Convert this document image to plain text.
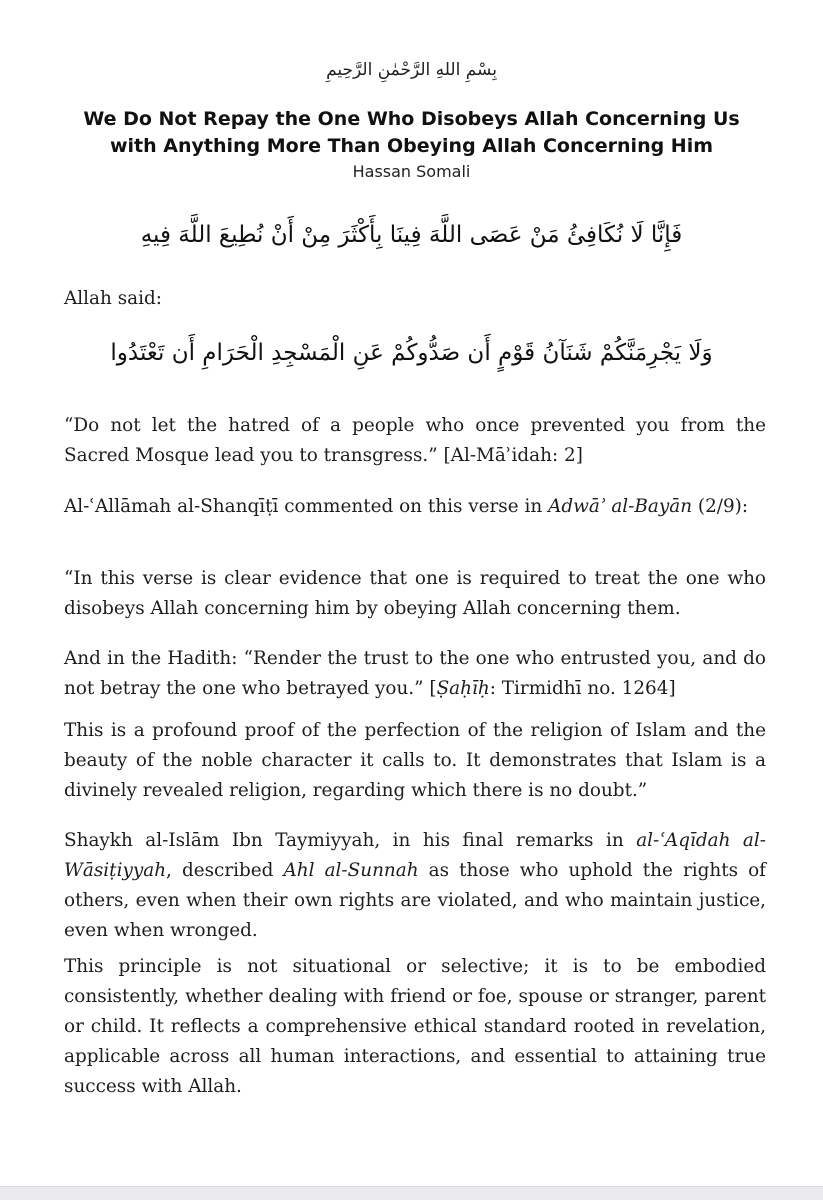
بِسْمِ اللهِ الرَّحْمٰنِ الرَّحِيمِ
We Do Not Repay the One Who Disobeys Allah Concerning Us
with Anything More Than Obeying Allah Concerning Him
Hassan Somali
فَإِنَّا لَا نُكَافِئُ مَنْ عَصَى اللَّهَ فِينَا بِأَكْثَرَ مِنْ أَنْ نُطِيعَ اللَّهَ فِيهِ

Allah said:

وَلَا يَجْرِمَنَّكُمْ شَنَآنُ قَوْمٍ أَن صَدُّوكُمْ عَنِ الْمَسْجِدِ الْحَرَامِ أَن تَعْتَدُوا

“Do not let the hatred of a people who once prevented you from the Sacred Mosque lead you to transgress.” [Al-Māʾidah: 2]

Al-ʿAllāmah al-Shanqīṭī commented on this verse in Adwāʾ al-Bayān (2/9):

“In this verse is clear evidence that one is required to treat the one who disobeys Allah concerning him by obeying Allah concerning them.

And in the Hadith: “Render the trust to the one who entrusted you, and do not betray the one who betrayed you.” [Ṣaḥīḥ: Tirmidhī no. 1264]

This is a profound proof of the perfection of the religion of Islam and the beauty of the noble character it calls to. It demonstrates that Islam is a divinely revealed religion, regarding which there is no doubt.”

Shaykh al-Islām Ibn Taymiyyah, in his final remarks in al-ʿAqīdah al-Wāsiṭiyyah, described Ahl al-Sunnah as those who uphold the rights of others, even when their own rights are violated, and who maintain justice, even when wronged.

This principle is not situational or selective; it is to be embodied consistently, whether dealing with friend or foe, spouse or stranger, parent or child. It reflects a comprehensive ethical standard rooted in revelation, applicable across all human interactions, and essential to attaining true success with Allah.
